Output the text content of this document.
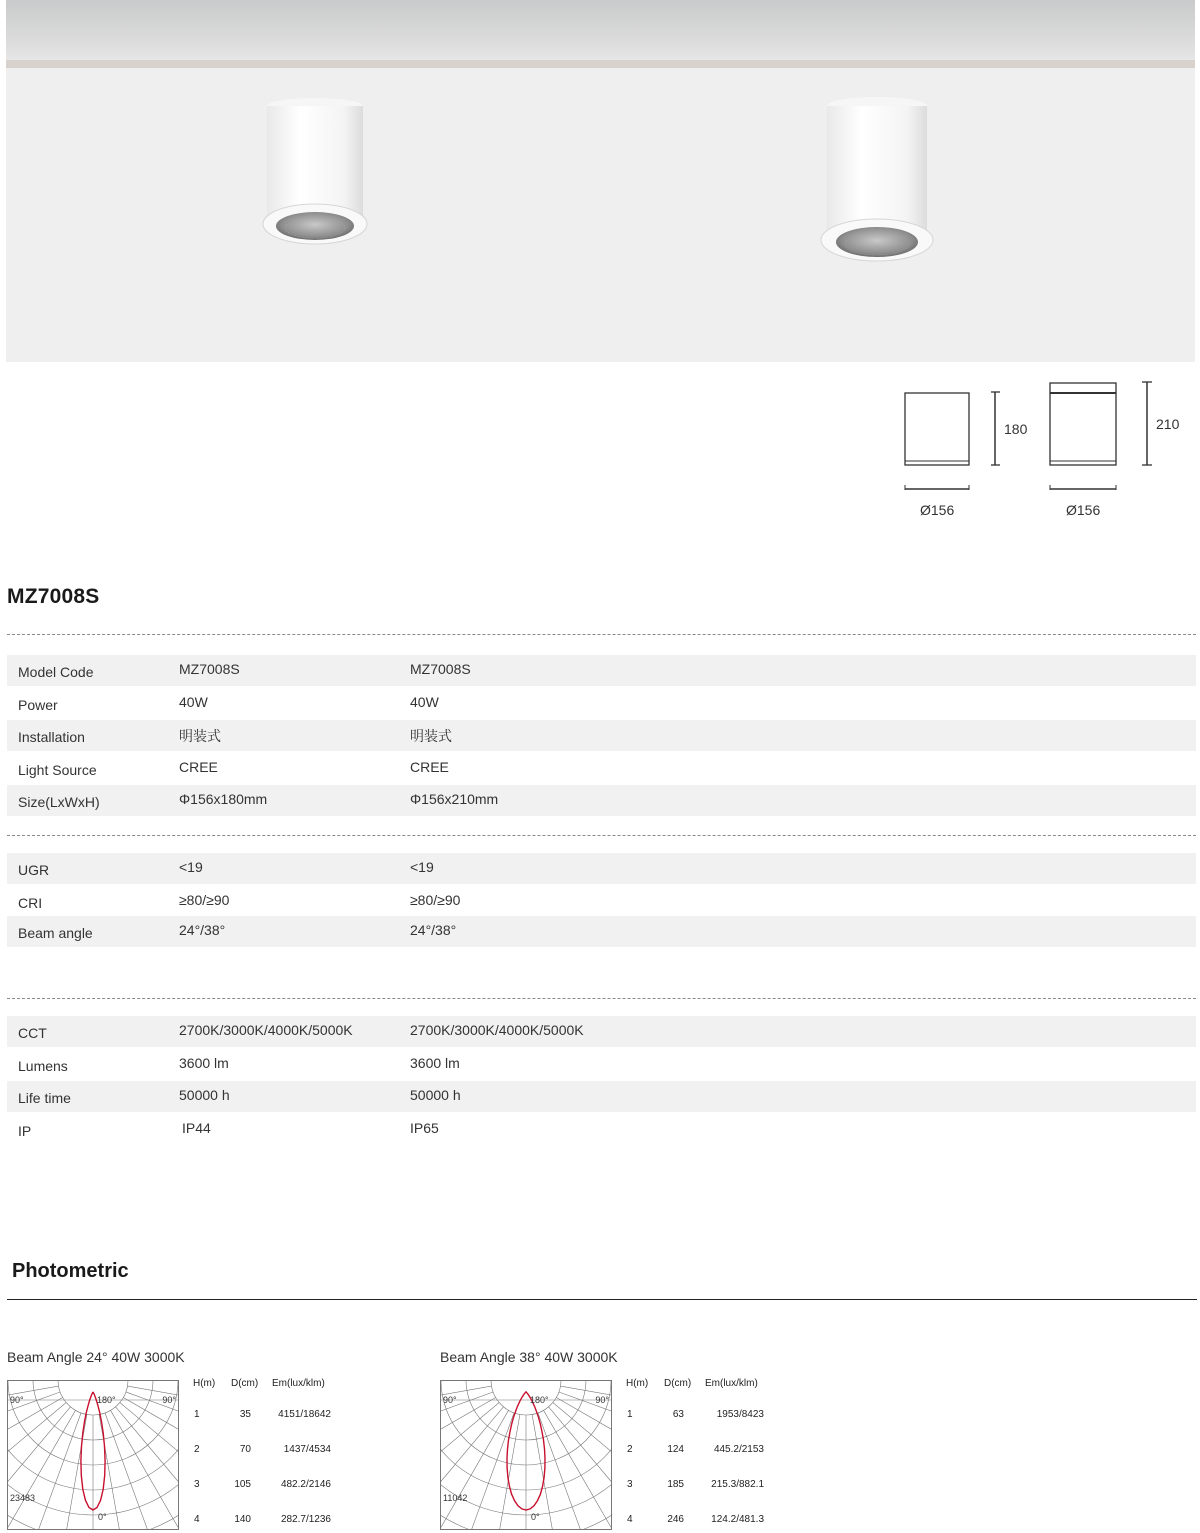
180
Ø156
210
Ø156
MZ7008S
Model Code	MZ7008S	MZ7008S
Power	40W	40W
Installation	明装式	明装式
Light Source	CREE	CREE
Size(LxWxH)	Φ156x180mm	Φ156x210mm
UGR	<19	<19
CRI	≥80/≥90	≥80/≥90
Beam angle	24°/38°	24°/38°
CCT	2700K/3000K/4000K/5000K	2700K/3000K/4000K/5000K
Lumens	3600 lm	3600 lm
Life time	50000 h	50000 h
IP	IP44	IP65
Photometric
Beam Angle 24° 40W 3000K	Beam Angle 38° 40W 3000K
90°	90°
180°
0°
23483
90°	90°
180°
0°
11042
H(m) D(cm) Em(lux/klm)
1	35	4151/18642
2	70	1437/4534
3	105	482.2/2146
4	140	282.7/1236
H(m) D(cm) Em(lux/klm)
1	63	1953/8423
2	124	445.2/2153
3	185	215.3/882.1
4	246	124.2/481.3
